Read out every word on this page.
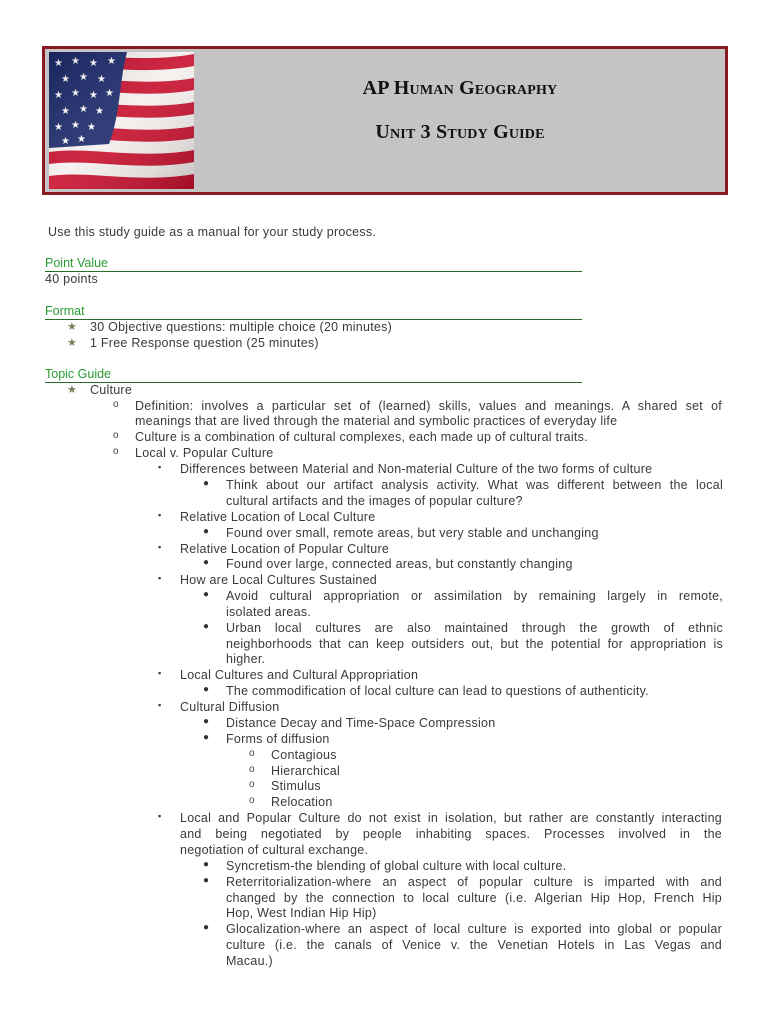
AP Human Geography
Unit 3 Study Guide
Use this study guide as a manual for your study process.
Point Value
40 points
Format
★ 30 Objective questions: multiple choice (20 minutes)
★ 1 Free Response question (25 minutes)
Topic Guide
★ Culture
o Definition: involves a particular set of (learned) skills, values and meanings. A shared set of
meanings that are lived through the material and symbolic practices of everyday life
o Culture is a combination of cultural complexes, each made up of cultural traits.
o Local v. Popular Culture
▪ Differences between Material and Non-material Culture of the two forms of culture
● Think about our artifact analysis activity. What was different between the local
cultural artifacts and the images of popular culture?
▪ Relative Location of Local Culture
● Found over small, remote areas, but very stable and unchanging
▪ Relative Location of Popular Culture
● Found over large, connected areas, but constantly changing
▪ How are Local Cultures Sustained
● Avoid cultural appropriation or assimilation by remaining largely in remote,
isolated areas.
● Urban local cultures are also maintained through the growth of ethnic
neighborhoods that can keep outsiders out, but the potential for appropriation is
higher.
▪ Local Cultures and Cultural Appropriation
● The commodification of local culture can lead to questions of authenticity.
▪ Cultural Diffusion
● Distance Decay and Time-Space Compression
● Forms of diffusion
o Contagious
o Hierarchical
o Stimulus
o Relocation
▪ Local and Popular Culture do not exist in isolation, but rather are constantly interacting
and being negotiated by people inhabiting spaces. Processes involved in the
negotiation of cultural exchange.
● Syncretism-the blending of global culture with local culture.
● Reterritorialization-where an aspect of popular culture is imparted with and
changed by the connection to local culture (i.e. Algerian Hip Hop, French Hip
Hop, West Indian Hip Hip)
● Glocalization-where an aspect of local culture is exported into global or popular
culture (i.e. the canals of Venice v. the Venetian Hotels in Las Vegas and
Macau.)
